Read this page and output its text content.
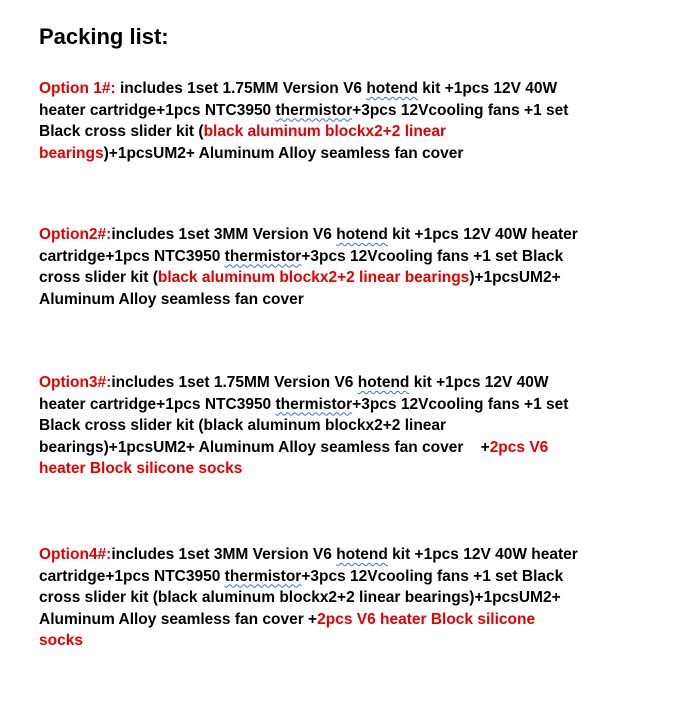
Packing list:

Option 1#: includes 1set 1.75MM Version V6 hotend kit +1pcs 12V 40W
heater cartridge+1pcs NTC3950 thermistor+3pcs 12Vcooling fans +1 set
Black cross slider kit (black aluminum blockx2+2 linear
bearings)+1pcsUM2+ Aluminum Alloy seamless fan cover

Option2#:includes 1set 3MM Version V6 hotend kit +1pcs 12V 40W heater
cartridge+1pcs NTC3950 thermistor+3pcs 12Vcooling fans +1 set Black
cross slider kit (black aluminum blockx2+2 linear bearings)+1pcsUM2+
Aluminum Alloy seamless fan cover

Option3#:includes 1set 1.75MM Version V6 hotend kit +1pcs 12V 40W
heater cartridge+1pcs NTC3950 thermistor+3pcs 12Vcooling fans +1 set
Black cross slider kit (black aluminum blockx2+2 linear
bearings)+1pcsUM2+ Aluminum Alloy seamless fan cover    +2pcs V6
heater Block silicone socks

Option4#:includes 1set 3MM Version V6 hotend kit +1pcs 12V 40W heater
cartridge+1pcs NTC3950 thermistor+3pcs 12Vcooling fans +1 set Black
cross slider kit (black aluminum blockx2+2 linear bearings)+1pcsUM2+
Aluminum Alloy seamless fan cover +2pcs V6 heater Block silicone
socks
